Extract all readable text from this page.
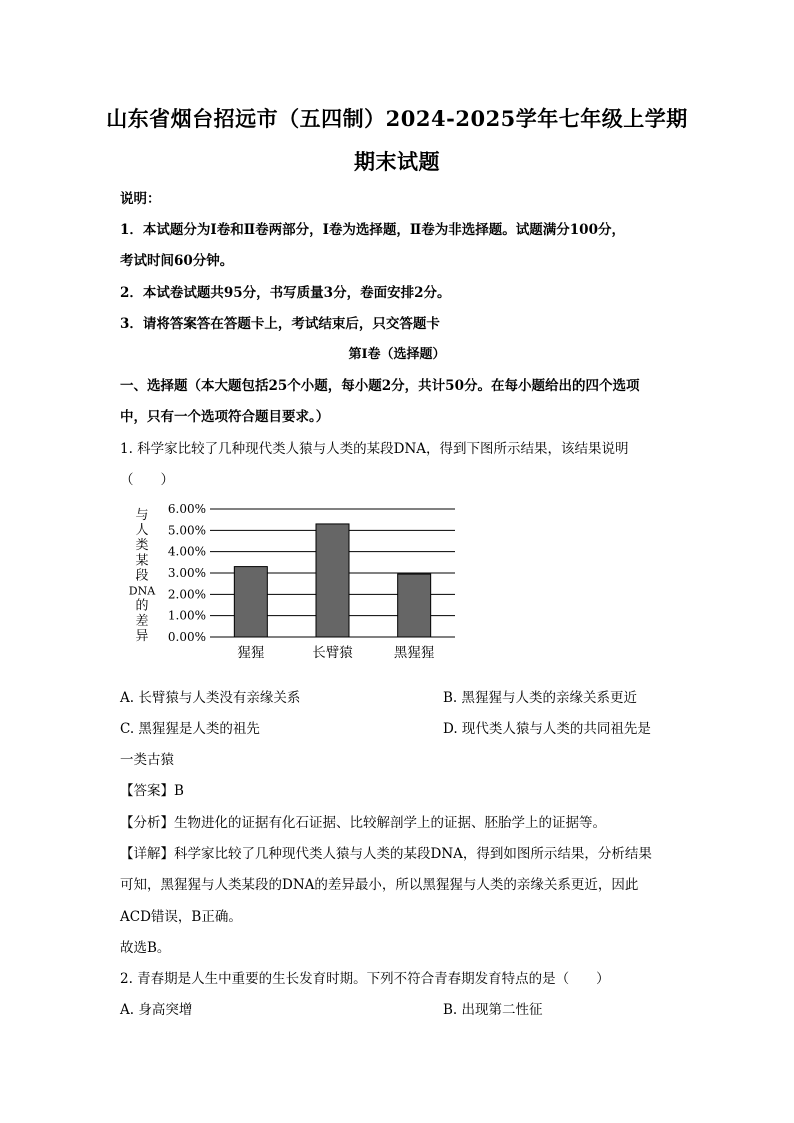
山东省烟台招远市（五四制）2024-2025学年七年级上学期
期末试题
说明：
1．本试题分为Ⅰ卷和Ⅱ卷两部分，Ⅰ卷为选择题，Ⅱ卷为非选择题。试题满分100分，
考试时间60分钟。
2．本试卷试题共95分，书写质量3分，卷面安排2分。
3．请将答案答在答题卡上，考试结束后，只交答题卡
第Ⅰ卷（选择题）
一、选择题（本大题包括25个小题，每小题2分，共计50分。在每小题给出的四个选项
中，只有一个选项符合题目要求。）
1. 科学家比较了几种现代类人猿与人类的某段DNA，得到下图所示结果，该结果说明
（　　）
0.00%
1.00%
2.00%
3.00%
4.00%
5.00%
6.00%
与
人
类
某
段
DNA
的
差
异
猩猩	长臂猿	黑猩猩
A. 长臂猿与人类没有亲缘关系	B. 黑猩猩与人类的亲缘关系更近
C. 黑猩猩是人类的祖先	D. 现代类人猿与人类的共同祖先是
一类古猿
【答案】B
【分析】生物进化的证据有化石证据、比较解剖学上的证据、胚胎学上的证据等。
【详解】科学家比较了几种现代类人猿与人类的某段DNA，得到如图所示结果，分析结果
可知，黑猩猩与人类某段的DNA的差异最小，所以黑猩猩与人类的亲缘关系更近，因此
ACD错误，B正确。
故选B。
2. 青春期是人生中重要的生长发育时期。下列不符合青春期发育特点的是（　　）
A. 身高突增	B. 出现第二性征
